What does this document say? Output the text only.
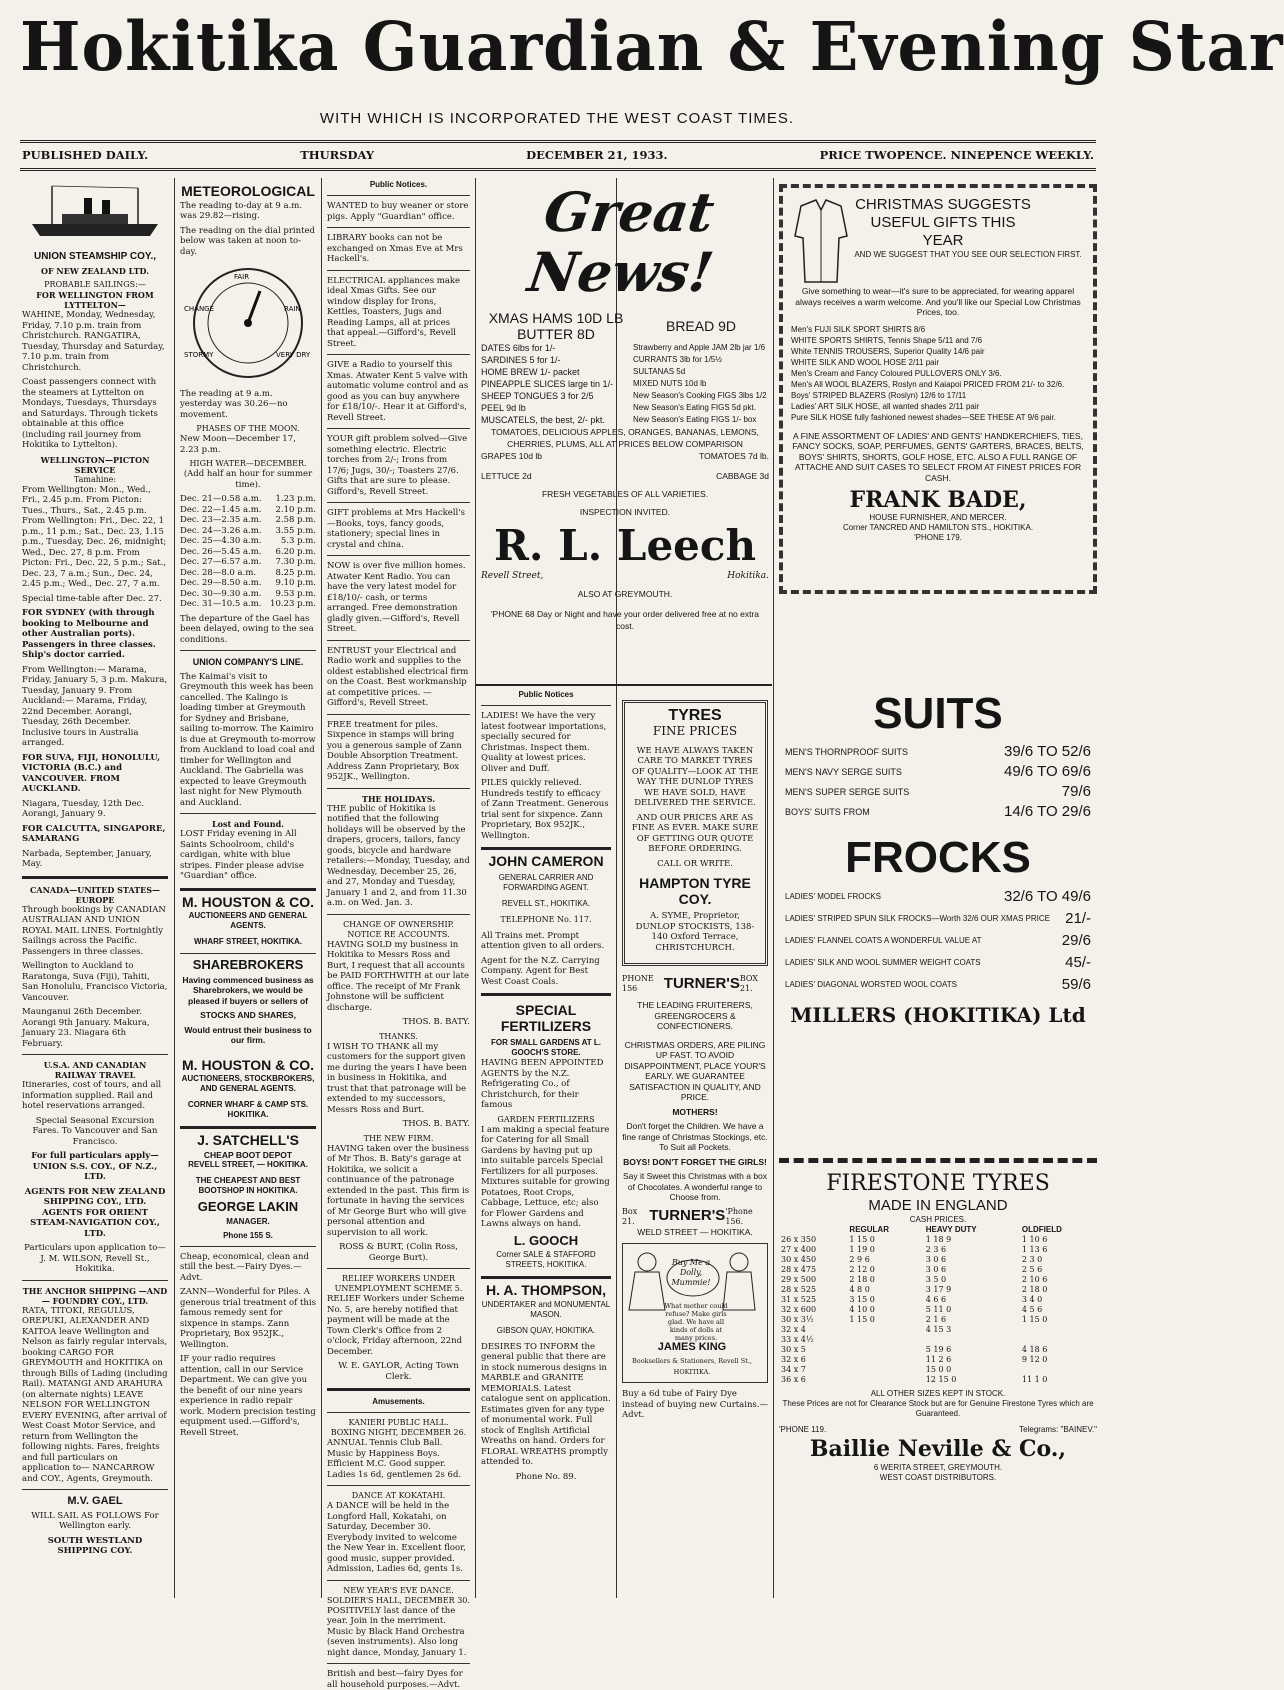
Hokitika Guardian & Evening Star
WITH WHICH IS INCORPORATED THE WEST COAST TIMES.
PUBLISHED DAILY.	THURSDAY	DECEMBER 21, 1933.	PRICE TWOPENCE. NINEPENCE WEEKLY.
UNION STEAMSHIP COY.,
OF NEW ZEALAND LTD.
PROBABLE SAILINGS:—
FOR WELLINGTON FROM LYTTELTON—

WAHINE, Monday, Wednesday, Friday, 7.10 p.m. train from Christchurch. RANGATIRA, Tuesday, Thursday and Saturday, 7.10 p.m. train from Christchurch.

Coast passengers connect with the steamers at Lyttelton on Mondays, Tuesdays, Thursdays and Saturdays. Through tickets obtainable at this office (including rail journey from Hokitika to Lyttelton).

WELLINGTON—PICTON SERVICE
Tamahine:

From Wellington: Mon., Wed., Fri., 2.45 p.m. From Picton: Tues., Thurs., Sat., 2.45 p.m. From Wellington: Fri., Dec. 22, 1 p.m., 11 p.m.; Sat., Dec. 23, 1.15 p.m., Tuesday, Dec. 26, midnight; Wed., Dec. 27, 8 p.m. From Picton: Fri., Dec. 22, 5 p.m.; Sat., Dec. 23, 7 a.m.; Sun., Dec. 24, 2.45 p.m.; Wed., Dec. 27, 7 a.m.

Special time-table after Dec. 27.

FOR SYDNEY (with through booking to Melbourne and other Australian ports). Passengers in three classes. Ship's doctor carried.

From Wellington:— Marama, Friday, January 5, 3 p.m. Makura, Tuesday, January 9. From Auckland:— Marama, Friday, 22nd December. Aorangi, Tuesday, 26th December. Inclusive tours in Australia arranged.

FOR SUVA, FIJI, HONOLULU, VICTORIA (B.C.) and VANCOUVER. FROM AUCKLAND.

Niagara, Tuesday, 12th Dec. Aorangi, January 9.

FOR CALCUTTA, SINGAPORE, SAMARANG

Narbada, September, January, May.

CANADA—UNITED STATES—EUROPE

Through bookings by CANADIAN AUSTRALIAN AND UNION ROYAL MAIL LINES. Fortnightly Sailings across the Pacific. Passengers in three classes.

Wellington to Auckland to Raratonga, Suva (Fiji), Tahiti, San Honolulu, Francisco Victoria, Vancouver.

Maunganui 26th December. Aorangi 9th January. Makura, January 23. Niagara 6th February.

U.S.A. AND CANADIAN RAILWAY TRAVEL

Itineraries, cost of tours, and all information supplied. Rail and hotel reservations arranged.

Special Seasonal Excursion Fares. To Vancouver and San Francisco.

For full particulars apply— UNION S.S. COY., OF N.Z., LTD.

AGENTS FOR NEW ZEALAND SHIPPING COY., LTD. AGENTS FOR ORIENT STEAM-NAVIGATION COY., LTD.

Particulars upon application to— J. M. WILSON, Revell St., Hokitika.

THE ANCHOR SHIPPING —AND— FOUNDRY COY., LTD.

RATA, TITOKI, REGULUS, OREPUKI, ALEXANDER AND KAITOA leave Wellington and Nelson as fairly regular intervals, booking CARGO FOR GREYMOUTH and HOKITIKA on through Bills of Lading (including Rail). MATANGI AND ARAHURA (on alternate nights) LEAVE NELSON FOR WELLINGTON EVERY EVENING, after arrival of West Coast Motor Service, and return from Wellington the following nights. Fares, freights and full particulars on application to— NANCARROW and COY., Agents, Greymouth.

M.V. GAEL

WILL SAIL AS FOLLOWS For Wellington early.

SOUTH WESTLAND SHIPPING COY.

METEOROLOGICAL

The reading to-day at 9 a.m. was 29.82—rising.

The reading on the dial printed below was taken at noon to-day.

FAIR
CHANGE	RAIN
STORMY	VERY DRY

The reading at 9 a.m. yesterday was 30.26—no movement.

PHASES OF THE MOON.

New Moon—December 17, 2.23 p.m.

HIGH WATER—DECEMBER.

(Add half an hour for summer time).

Dec. 21—0.58 a.m. 1.23 p.m.
Dec. 22—1.45 a.m. 2.10 p.m.
Dec. 23—2.35 a.m. 2.58 p.m.
Dec. 24—3.26 a.m. 3.55 p.m.
Dec. 25—4.30 a.m. 5.3 p.m.
Dec. 26—5.45 a.m. 6.20 p.m.
Dec. 27—6.57 a.m. 7.30 p.m.
Dec. 28—8.0 a.m. 8.25 p.m.
Dec. 29—8.50 a.m. 9.10 p.m.
Dec. 30—9.30 a.m. 9.53 p.m.
Dec. 31—10.5 a.m. 10.23 p.m.

The departure of the Gael has been delayed, owing to the sea conditions.

UNION COMPANY'S LINE.

The Kaimai's visit to Greymouth this week has been cancelled. The Kalingo is loading timber at Greymouth for Sydney and Brisbane, sailing to-morrow. The Kaimiro is due at Greymouth to-morrow from Auckland to load coal and timber for Wellington and Auckland. The Gabriella was expected to leave Greymouth last night for New Plymouth and Auckland.

Lost and Found.

LOST Friday evening in All Saints Schoolroom, child's cardigan, white with blue stripes. Finder please advise "Guardian" office.

M. HOUSTON & CO.
AUCTIONEERS AND GENERAL AGENTS.
WHARF STREET, HOKITIKA.
SHAREBROKERS

Having commenced business as Sharebrokers, we would be pleased if buyers or sellers of

STOCKS AND SHARES,

Would entrust their business to our firm.

M. HOUSTON & CO.
AUCTIONEERS, STOCKBROKERS, AND GENERAL AGENTS.
CORNER WHARF & CAMP STS. HOKITIKA.
J. SATCHELL'S
CHEAP BOOT DEPOT
REVELL STREET, — HOKITIKA.
THE CHEAPEST AND BEST BOOTSHOP IN HOKITIKA.
GEORGE LAKIN
MANAGER.
Phone 155 S.

Cheap, economical, clean and still the best.—Fairy Dyes.—Advt.

ZANN—Wonderful for Piles. A generous trial treatment of this famous remedy sent for sixpence in stamps. Zann Proprietary, Box 952JK., Wellington.

IF your radio requires attention, call in our Service Department. We can give you the benefit of our nine years experience in radio repair work. Modern precision testing equipment used.—Gifford's, Revell Street.

Public Notices.

WANTED to buy weaner or store pigs. Apply "Guardian" office.

LIBRARY books can not be exchanged on Xmas Eve at Mrs Hackell's.

ELECTRICAL appliances make ideal Xmas Gifts. See our window display for Irons, Kettles, Toasters, Jugs and Reading Lamps, all at prices that appeal.—Gifford's, Revell Street.

GIVE a Radio to yourself this Xmas. Atwater Kent 5 valve with automatic volume control and as good as you can buy anywhere for £18/10/-. Hear it at Gifford's, Revell Street.

YOUR gift problem solved—Give something electric. Electric torches from 2/-; Irons from 17/6; Jugs, 30/-; Toasters 27/6. Gifts that are sure to please. Gifford's, Revell Street.

GIFT problems at Mrs Hackell's—Books, toys, fancy goods, stationery; special lines in crystal and china.

NOW is over five million homes. Atwater Kent Radio. You can have the very latest model for £18/10/- cash, or terms arranged. Free demonstration gladly given.—Gifford's, Revell Street.

ENTRUST your Electrical and Radio work and supplies to the oldest established electrical firm on the Coast. Best workmanship at competitive prices. —Gifford's, Revell Street.

FREE treatment for piles. Sixpence in stamps will bring you a generous sample of Zann Double Absorption Treatment. Address Zann Proprietary, Box 952JK., Wellington.

THE HOLIDAYS.

THE public of Hokitika is notified that the following holidays will be observed by the drapers, grocers, tailors, fancy goods, bicycle and hardware retailers:—Monday, Tuesday, and Wednesday, December 25, 26, and 27, Monday and Tuesday, January 1 and 2, and from 11.30 a.m. on Wed. Jan. 3.

CHANGE OF OWNERSHIP.
NOTICE RE ACCOUNTS.

HAVING SOLD my business in Hokitika to Messrs Ross and Burt, I request that all accounts be PAID FORTHWITH at our late office. The receipt of Mr Frank Johnstone will be sufficient discharge.

THOS. B. BATY.

THANKS.

I WISH TO THANK all my customers for the support given me during the years I have been in business in Hokitika, and trust that that patronage will be extended to my successors, Messrs Ross and Burt.

THOS. B. BATY.

THE NEW FIRM.

HAVING taken over the business of Mr Thos. B. Baty's garage at Hokitika, we solicit a continuance of the patronage extended in the past. This firm is fortunate in having the services of Mr George Burt who will give personal attention and supervision to all work.

ROSS & BURT, (Colin Ross, George Burt).

RELIEF WORKERS UNDER UNEMPLOYMENT SCHEME 5.

RELIEF Workers under Scheme No. 5, are hereby notified that payment will be made at the Town Clerk's Office from 2 o'clock, Friday afternoon, 22nd December.

W. E. GAYLOR, Acting Town Clerk.

Amusements.
KANIERI PUBLIC HALL.
BOXING NIGHT, DECEMBER 26.

ANNUAL Tennis Club Ball. Music by Happiness Boys. Efficient M.C. Good supper. Ladies 1s 6d, gentlemen 2s 6d.

DANCE AT KOKATAHI.

A DANCE will be held in the Longford Hall, Kokatahi, on Saturday, December 30. Everybody invited to welcome the New Year in. Excellent floor, good music, supper provided. Admission, Ladies 6d, gents 1s.

NEW YEAR'S EVE DANCE.
SOLDIER'S HALL, DECEMBER 30.

POSITIVELY last dance of the year. Join in the merriment. Music by Black Hand Orchestra (seven instruments). Also long night dance, Monday, January 1.

British and best—fairy Dyes for all household purposes.—Advt.

Great News!
XMAS HAMS 10D LB
BUTTER 8D
DATES 6lbs for 1/-
SARDINES 5 for 1/-
HOME BREW 1/- packet
PINEAPPLE SLICES large tin 1/-
SHEEP TONGUES 3 for 2/5
PEEL 9d lb
MUSCATELS, the best, 2/- pkt.
BREAD 9D
Strawberry and Apple JAM 2lb jar 1/6
CURRANTS 3lb for 1/5½
SULTANAS 5d
MIXED NUTS 10d lb
New Season's Cooking FIGS 3lbs 1/2
New Season's Eating FIGS 5d pkt.
New Season's Eating FIGS 1/- box
TOMATOES, DELICIOUS APPLES, ORANGES, BANANAS, LEMONS, CHERRIES, PLUMS, ALL AT PRICES BELOW COMPARISON
GRAPES 10d lb	TOMATOES 7d lb.
LETTUCE 2d	CABBAGE 3d
FRESH VEGETABLES OF ALL VARIETIES.
INSPECTION INVITED.
R. L. Leech
Revell Street,	Hokitika.
ALSO AT GREYMOUTH.
'PHONE 68 Day or Night and have your order delivered free at no extra cost.
Public Notices

LADIES! We have the very latest footwear importations, specially secured for Christmas. Inspect them. Quality at lowest prices. Oliver and Duff.

PILES quickly relieved. Hundreds testify to efficacy of Zann Treatment. Generous trial sent for sixpence. Zann Proprietary, Box 952JK., Wellington.

JOHN CAMERON
GENERAL CARRIER AND FORWARDING AGENT.
REVELL ST., HOKITIKA.
TELEPHONE No. 117.

All Trains met. Prompt attention given to all orders.

Agent for the N.Z. Carrying Company. Agent for Best West Coast Coals.

SPECIAL FERTILIZERS
FOR SMALL GARDENS AT L. GOOCH'S STORE.

HAVING BEEN APPOINTED AGENTS by the N.Z. Refrigerating Co., of Christchurch, for their famous

GARDEN FERTILIZERS

I am making a special feature for Catering for all Small Gardens by having put up into suitable parcels Special Fertilizers for all purposes. Mixtures suitable for growing Potatoes, Root Crops, Cabbage, Lettuce, etc; also for Flower Gardens and Lawns always on hand.

L. GOOCH
Corner SALE & STAFFORD STREETS, HOKITIKA.
H. A. THOMPSON,
UNDERTAKER and MONUMENTAL MASON.
GIBSON QUAY, HOKITIKA.

DESIRES TO INFORM the general public that there are in stock numerous designs in MARBLE and GRANITE MEMORIALS. Latest catalogue sent on application. Estimates given for any type of monumental work. Full stock of English Artificial Wreaths on hand. Orders for FLORAL WREATHS promptly attended to.

Phone No. 89.

TYRES
FINE PRICES

WE HAVE ALWAYS TAKEN CARE TO MARKET TYRES OF QUALITY—LOOK AT THE WAY THE DUNLOP TYRES WE HAVE SOLD, HAVE DELIVERED THE SERVICE.

AND OUR PRICES ARE AS FINE AS EVER. MAKE SURE OF GETTING OUR QUOTE BEFORE ORDERING.

CALL OR WRITE.

HAMPTON TYRE COY.

A. SYME, Proprietor, DUNLOP STOCKISTS, 138-140 Oxford Terrace, CHRISTCHURCH.

PHONE 156	TURNER'S BOX 21.

THE LEADING FRUITERERS, GREENGROCERS & CONFECTIONERS.

CHRISTMAS ORDERS, ARE PILING UP FAST. TO AVOID DISAPPOINTMENT, PLACE YOUR'S EARLY. WE GUARANTEE SATISFACTION IN QUALITY, AND PRICE.

MOTHERS!

Don't forget the Children. We have a fine range of Christmas Stockings, etc. To Suit all Pockets.

BOYS! DON'T FORGET THE GIRLS!

Say it Sweet this Christmas with a box of Chocolates. A wonderful range to Choose from.

Box 21. TURNER'S 'Phone 156.

WELD STREET — HOKITIKA.

Buy Me a Dolly, Mummie!
What mother could refuse? Make girls glad. We have all kinds of dolls at many prices.
JAMES KING
Booksellers & Stationers, Revell St., HOKITIKA.

Buy a 6d tube of Fairy Dye instead of buying new Curtains.—Advt.

CHRISTMAS SUGGESTS USEFUL GIFTS THIS YEAR
AND WE SUGGEST THAT YOU SEE OUR SELECTION FIRST.

Give something to wear—it's sure to be appreciated, for wearing apparel always receives a warm welcome. And you'll like our Special Low Christmas Prices, too.

Men's FUJI SILK SPORT SHIRTS 8/6
WHITE SPORTS SHIRTS, Tennis Shape 5/11 and 7/6
White TENNIS TROUSERS, Superior Quality 14/6 pair
WHITE SILK AND WOOL HOSE 2/11 pair
Men's Cream and Fancy Coloured PULLOVERS ONLY 3/6.
Men's All WOOL BLAZERS, Roslyn and Kaiapoi PRICED FROM 21/- to 32/6.
Boys' STRIPED BLAZERS (Roslyn) 12/6 to 17/11
Ladies' ART SILK HOSE, all wanted shades 2/11 pair
Pure SILK HOSE fully fashioned newest shades—SEE THESE AT 9/6 pair.

A FINE ASSORTMENT OF LADIES' AND GENTS' HANDKERCHIEFS, TIES, FANCY SOCKS, SOAP, PERFUMES, GENTS' GARTERS, BRACES, BELTS, BOYS' SHIRTS, SHORTS, GOLF HOSE, ETC. ALSO A FULL RANGE OF ATTACHE AND SUIT CASES TO SELECT FROM AT FINEST PRICES FOR CASH.

FRANK BADE,
HOUSE FURNISHER, AND MERCER.
Corner TANCRED AND HAMILTON STS., HOKITIKA.
'PHONE 179.
SUITS
MEN'S THORNPROOF SUITS	39/6 TO 52/6
MEN'S NAVY SERGE SUITS	49/6 TO 69/6
MEN'S SUPER SERGE SUITS	79/6
BOYS' SUITS FROM	14/6 TO 29/6
FROCKS
LADIES' MODEL FROCKS	32/6 TO 49/6
LADIES' STRIPED SPUN SILK FROCKS—Worth 32/6 OUR XMAS PRICE 21/-
LADIES' FLANNEL COATS A WONDERFUL VALUE AT	29/6
LADIES' SILK AND WOOL SUMMER WEIGHT COATS	45/-
LADIES' DIAGONAL WORSTED WOOL COATS	59/6
MILLERS (HOKITIKA) Ltd
FIRESTONE TYRES
MADE IN ENGLAND
CASH PRICES.
	REGULAR	HEAVY DUTY	OLDFIELD
26 x 350	1 15 0	1 18 9	1 10 6
27 x 400	1 19 0	2 3 6	1 13 6
30 x 450	2 9 6	3 0 6	2 3 0
28 x 475	2 12 0	3 0 6	2 5 6
29 x 500	2 18 0	3 5 0	2 10 6
28 x 525	4 8 0	3 17 9	2 18 0
31 x 525	3 15 0	4 6 6	3 4 0
32 x 600	4 10 0	5 11 0	4 5 6
30 x 3½	1 15 0	2 1 6	1 15 0
32 x 4		4 15 3	
33 x 4½			
30 x 5		5 19 6	4 18 6
32 x 6		11 2 6	9 12 0
34 x 7		15 0 0	
36 x 6		12 15 0	11 1 0
ALL OTHER SIZES KEPT IN STOCK.
These Prices are not for Clearance Stock but are for Genuine Firestone Tyres which are Guaranteed.
'PHONE 119.	Telegrams: "BAINEV."
Baillie Neville & Co.,
6 WERITA STREET, GREYMOUTH.
WEST COAST DISTRIBUTORS.
